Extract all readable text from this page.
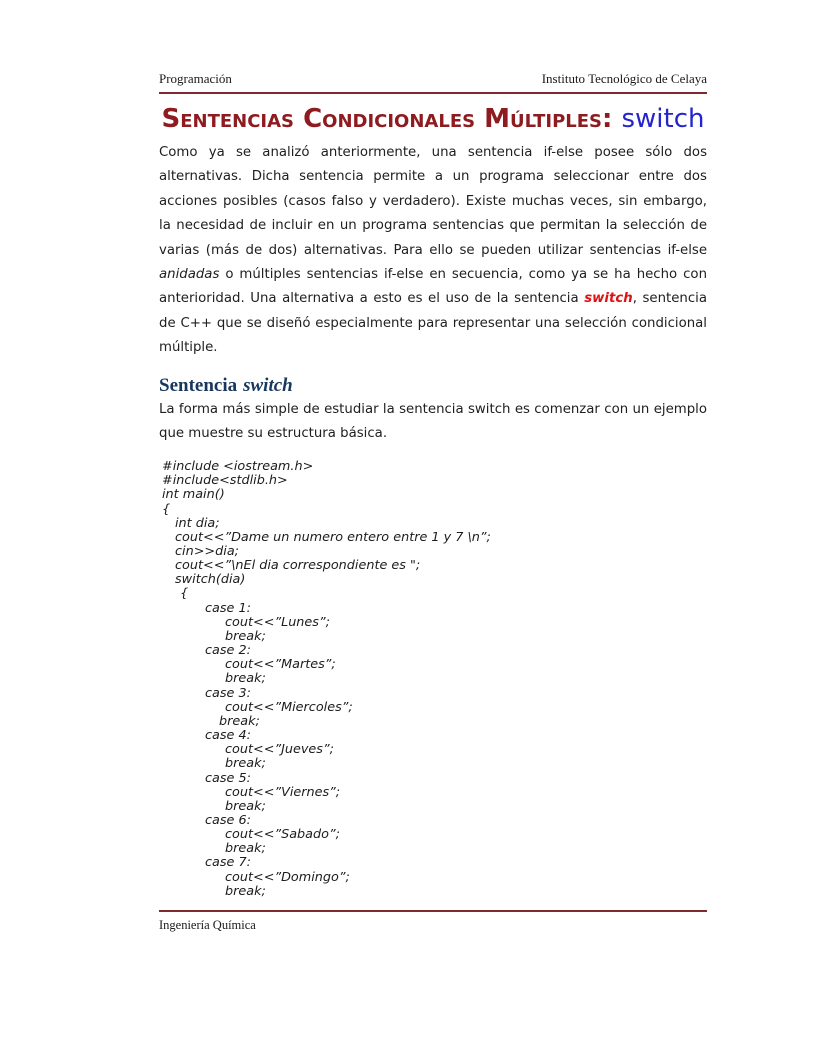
Programación	Instituto Tecnológico de Celaya
Sentencias Condicionales Múltiples: switch

Como ya se analizó anteriormente, una sentencia if-else posee sólo dos alternativas. Dicha sentencia permite a un programa seleccionar entre dos acciones posibles (casos falso y verdadero). Existe muchas veces, sin embargo, la necesidad de incluir en un programa sentencias que permitan la selección de varias (más de dos) alternativas. Para ello se pueden utilizar sentencias if-else anidadas o múltiples sentencias if-else en secuencia, como ya se ha hecho con anterioridad. Una alternativa a esto es el uso de la sentencia switch, sentencia de C++ que se diseñó especialmente para representar una selección condicional múltiple.

Sentencia switch

La forma más simple de estudiar la sentencia switch es comenzar con un ejemplo que muestre su estructura básica.

#include <iostream.h>
#include<stdlib.h>
int main()
{
int dia;
cout<<”Dame un numero entero entre 1 y 7 \n”;
cin>>dia;
cout<<”\nEl dia correspondiente es ";
switch(dia)
{
case 1:
cout<<”Lunes”;
break;
case 2:
cout<<”Martes”;
break;
case 3:
cout<<”Miercoles”;
break;
case 4:
cout<<”Jueves”;
break;
case 5:
cout<<”Viernes”;
break;
case 6:
cout<<”Sabado”;
break;
case 7:
cout<<”Domingo”;
break;
Ingeniería Química
